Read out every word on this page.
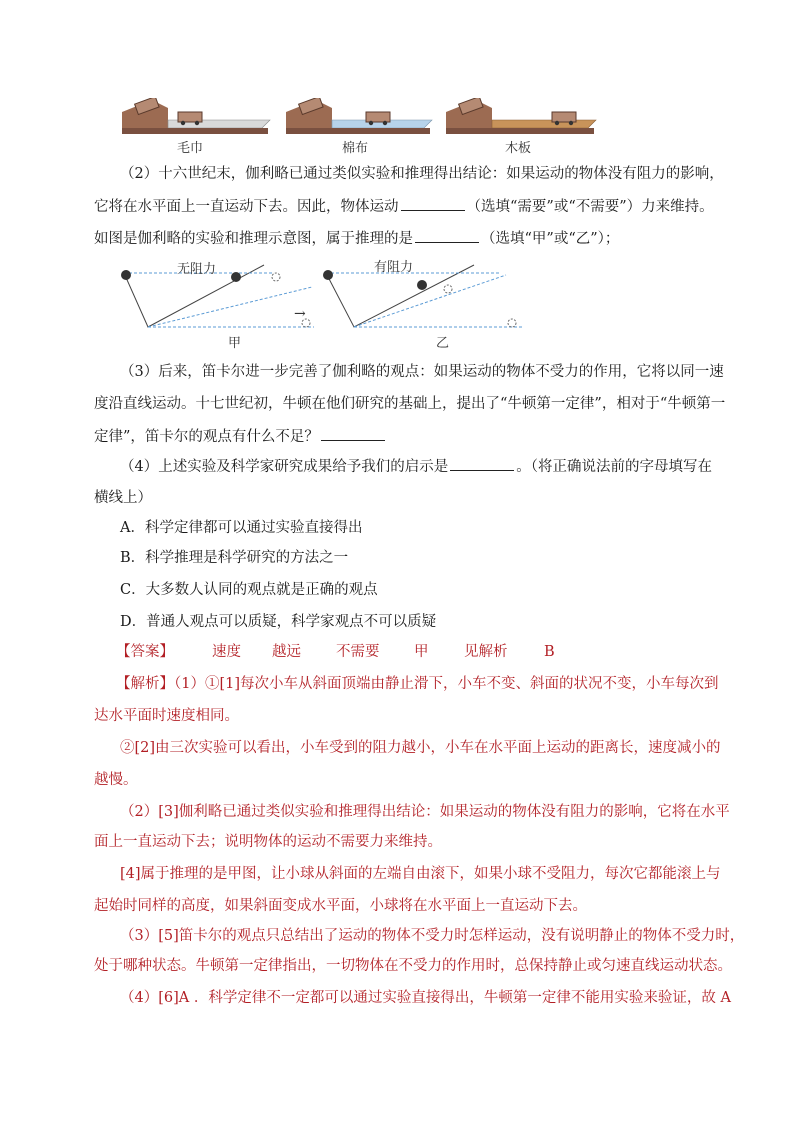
毛巾	棉布	木板
（2）十六世纪末，伽利略已通过类似实验和推理得出结论：如果运动的物体没有阻力的影响，
它将在水平面上一直运动下去。因此，物体运动	（选填“需要”或“不需要”）力来维持。
如图是伽利略的实验和推理示意图，属于推理的是	（选填“甲”或“乙”）；
无阻力	有阻力
→
甲	乙
（3）后来，笛卡尔进一步完善了伽利略的观点：如果运动的物体不受力的作用，它将以同一速
度沿直线运动。十七世纪初，牛顿在他们研究的基础上，提出了“牛顿第一定律”，相对于“牛顿第一
定律”，笛卡尔的观点有什么不足？
（4）上述实验及科学家研究成果给予我们的启示是	。（将正确说法前的字母填写在
横线上）
A．科学定律都可以通过实验直接得出
B．科学推理是科学研究的方法之一
C．大多数人认同的观点就是正确的观点
D．普通人观点可以质疑，科学家观点不可以质疑
【答案】	速度 越远 不需要 甲 见解析	B
【解析】（1）①[1]每次小车从斜面顶端由静止滑下，小车不变、斜面的状况不变，小车每次到
达水平面时速度相同。
②[2]由三次实验可以看出，小车受到的阻力越小，小车在水平面上运动的距离长，速度减小的
越慢。
（2）[3]伽利略已通过类似实验和推理得出结论：如果运动的物体没有阻力的影响，它将在水平
面上一直运动下去；说明物体的运动不需要力来维持。
[4]属于推理的是甲图，让小球从斜面的左端自由滚下，如果小球不受阻力，每次它都能滚上与
起始时同样的高度，如果斜面变成水平面，小球将在水平面上一直运动下去。
（3）[5]笛卡尔的观点只总结出了运动的物体不受力时怎样运动，没有说明静止的物体不受力时，
处于哪种状态。牛顿第一定律指出，一切物体在不受力的作用时，总保持静止或匀速直线运动状态。
（4）[6]A ．科学定律不一定都可以通过实验直接得出，牛顿第一定律不能用实验来验证，故 A
